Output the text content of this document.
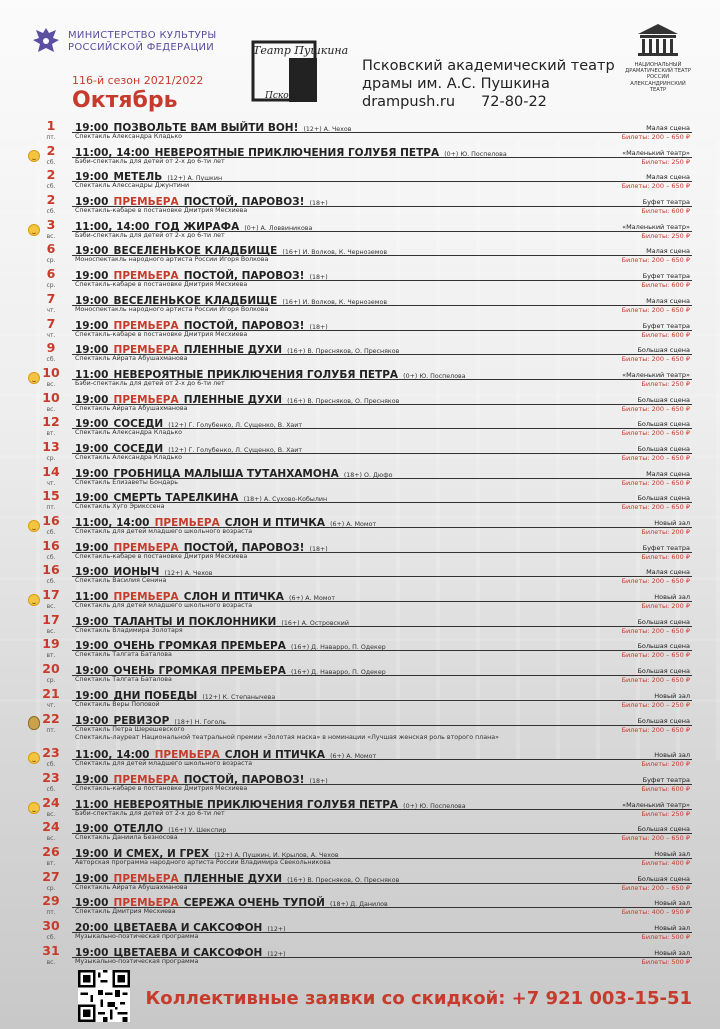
МИНИСТЕРСТВО КУЛЬТУРЫ
РОССИЙСКОЙ ФЕДЕРАЦИИ	Театр Пушкина
Псков
Псковский академический театр
драмы им. А.С. Пушкина
drampush.ru 72-80-22
НАЦИОНАЛЬНЫЙ ДРАМАТИЧЕСКИЙ ТЕАТР РОССИИ АЛЕКСАНДРИНСКИЙ ТЕАТР
116-й сезон 2021/2022
Октябрь
1
пт.
19:00 ПОЗВОЛЬТЕ ВАМ ВЫЙТИ ВОН! (12+) А. Чехов
Спектакль Александра Кладько
Малая сцена
Билеты: 200 – 650 ₽
2
сб.
11:00, 14:00 НЕВЕРОЯТНЫЕ ПРИКЛЮЧЕНИЯ ГОЛУБЯ ПЕТРА (0+) Ю. Поспелова
Бэби-спектакль для детей от 2-х до 6-ти лет
«Маленький театр»
Билеты: 250 ₽
2
сб.
19:00 МЕТЕЛЬ (12+) А. Пушкин
Спектакль Алессандры Джунтини
Малая сцена
Билеты: 200 – 650 ₽
2
сб.
19:00 ПРЕМЬЕРА ПОСТОЙ, ПАРОВОЗ! (18+)
Спектакль-кабаре в постановке Дмитрия Месхиева
Буфет театра
Билеты: 600 ₽
3
вс.
11:00, 14:00 ГОД ЖИРАФА (0+) А. Ловвиникова
Бэби-спектакль для детей от 2-х до 6-ти лет
«Маленький театр»
Билеты: 250 ₽
6
ср.
19:00 ВЕСЕЛЕНЬКОЕ КЛАДБИЩЕ (16+) И. Волков, К. Черноземов
Моноспектакль народного артиста России Игоря Волкова
Малая сцена
Билеты: 200 – 650 ₽
6
ср.
19:00 ПРЕМЬЕРА ПОСТОЙ, ПАРОВОЗ! (18+)
Спектакль-кабаре в постановке Дмитрия Месхиева
Буфет театра
Билеты: 600 ₽
7
чт.
19:00 ВЕСЕЛЕНЬКОЕ КЛАДБИЩЕ (16+) И. Волков, К. Черноземов
Моноспектакль народного артиста России Игоря Волкова
Малая сцена
Билеты: 200 – 650 ₽
7
чт.
19:00 ПРЕМЬЕРА ПОСТОЙ, ПАРОВОЗ! (18+)
Спектакль-кабаре в постановке Дмитрия Месхиева
Буфет театра
Билеты: 600 ₽
9
сб.
19:00 ПРЕМЬЕРА ПЛЕННЫЕ ДУХИ (16+) В. Пресняков, О. Пресняков
Спектакль Айрата Абушахманова
Большая сцена
Билеты: 200 – 650 ₽
10
вс.
11:00 НЕВЕРОЯТНЫЕ ПРИКЛЮЧЕНИЯ ГОЛУБЯ ПЕТРА (0+) Ю. Поспелова
Бэби-спектакль для детей от 2-х до 6-ти лет
«Маленький театр»
Билеты: 250 ₽
10
вс.
19:00 ПРЕМЬЕРА ПЛЕННЫЕ ДУХИ (16+) В. Пресняков, О. Пресняков
Спектакль Айрата Абушахманова
Большая сцена
Билеты: 200 – 650 ₽
12
вт.
19:00 СОСЕДИ (12+) Г. Голубенко, Л. Сущенко, В. Хаит
Спектакль Александра Кладько
Большая сцена
Билеты: 200 – 650 ₽
13
ср.
19:00 СОСЕДИ (12+) Г. Голубенко, Л. Сущенко, В. Хаит
Спектакль Александра Кладько
Большая сцена
Билеты: 200 – 650 ₽
14
чт.
19:00 ГРОБНИЦА МАЛЫША ТУТАНХАМОНА (18+) О. Дюфо
Спектакль Елизаветы Бондарь
Малая сцена
Билеты: 200 – 650 ₽
15
пт.
19:00 СМЕРТЬ ТАРЕЛКИНА (18+) А. Сухово-Кобылин
Спектакль Хуго Эрикссена
Большая сцена
Билеты: 200 – 650 ₽
16
сб.
11:00, 14:00 ПРЕМЬЕРА СЛОН И ПТИЧКА (6+) А. Момот
Спектакль для детей младшего школьного возраста
Новый зал
Билеты: 200 ₽
16
сб.
19:00 ПРЕМЬЕРА ПОСТОЙ, ПАРОВОЗ! (18+)
Спектакль-кабаре в постановке Дмитрия Месхиева
Буфет театра
Билеты: 600 ₽
16
сб.
19:00 ИОНЫЧ (12+) А. Чехов
Спектакль Василия Сенина
Малая сцена
Билеты: 200 – 650 ₽
17
вс.
11:00 ПРЕМЬЕРА СЛОН И ПТИЧКА (6+) А. Момот
Спектакль для детей младшего школьного возраста
Новый зал
Билеты: 200 ₽
17
вс.
19:00 ТАЛАНТЫ И ПОКЛОННИКИ (16+) А. Островский
Спектакль Владимира Золотаря
Большая сцена
Билеты: 200 – 650 ₽
19
вт.
19:00 ОЧЕНЬ ГРОМКАЯ ПРЕМЬЕРА (16+) Д. Наварро, П. Одекер
Спектакль Талгата Баталова
Большая сцена
Билеты: 200 – 650 ₽
20
ср.
19:00 ОЧЕНЬ ГРОМКАЯ ПРЕМЬЕРА (16+) Д. Наварро, П. Одекер
Спектакль Талгата Баталова
Большая сцена
Билеты: 200 – 650 ₽
21
чт.
19:00 ДНИ ПОБЕДЫ (12+) К. Степанычева
Спектакль Веры Поповой
Новый зал
Билеты: 200 – 250 ₽
22
пт.
19:00 РЕВИЗОР (18+) Н. Гоголь
Спектакль Петра Шерешевского
Спектакль-лауреат Национальной театральной премии «Золотая маска» в номинации «Лучшая женская роль второго плана»
Большая сцена
Билеты: 200 – 650 ₽
23
сб.
11:00, 14:00 ПРЕМЬЕРА СЛОН И ПТИЧКА (6+) А. Момот
Спектакль для детей младшего школьного возраста
Новый зал
Билеты: 200 ₽
23
сб.
19:00 ПРЕМЬЕРА ПОСТОЙ, ПАРОВОЗ! (18+)
Спектакль-кабаре в постановке Дмитрия Месхиева
Буфет театра
Билеты: 600 ₽
24
вс.
11:00 НЕВЕРОЯТНЫЕ ПРИКЛЮЧЕНИЯ ГОЛУБЯ ПЕТРА (0+) Ю. Поспелова
Бэби-спектакль для детей от 2-х до 6-ти лет
«Маленький театр»
Билеты: 250 ₽
24
вс.
19:00 ОТЕЛЛО (16+) У. Шекспир
Спектакль Даниила Безносова
Большая сцена
Билеты: 200 – 650 ₽
26
вт.
19:00 И СМЕХ, И ГРЕХ (12+) А. Пушкин, И. Крылов, А. Чехов
Авторская программа народного артиста России Владимира Свекольникова
Новый зал
Билеты: 400 ₽
27
ср.
19:00 ПРЕМЬЕРА ПЛЕННЫЕ ДУХИ (16+) В. Пресняков, О. Пресняков
Спектакль Айрата Абушахманова
Большая сцена
Билеты: 200 – 650 ₽
29
пт.
19:00 ПРЕМЬЕРА СЕРЕЖА ОЧЕНЬ ТУПОЙ (18+) Д. Данилов
Спектакль Дмитрия Месхиева
Новый зал
Билеты: 400 – 950 ₽
30
сб.
20:00 ЦВЕТАЕВА И САКСОФОН (12+)
Музыкально-поэтическая программа
Новый зал
Билеты: 500 ₽
31
вс.
19:00 ЦВЕТАЕВА И САКСОФОН (12+)
Музыкально-поэтическая программа
Новый зал
Билеты: 500 ₽
Коллективные заявки со скидкой: +7 921 003-15-51
